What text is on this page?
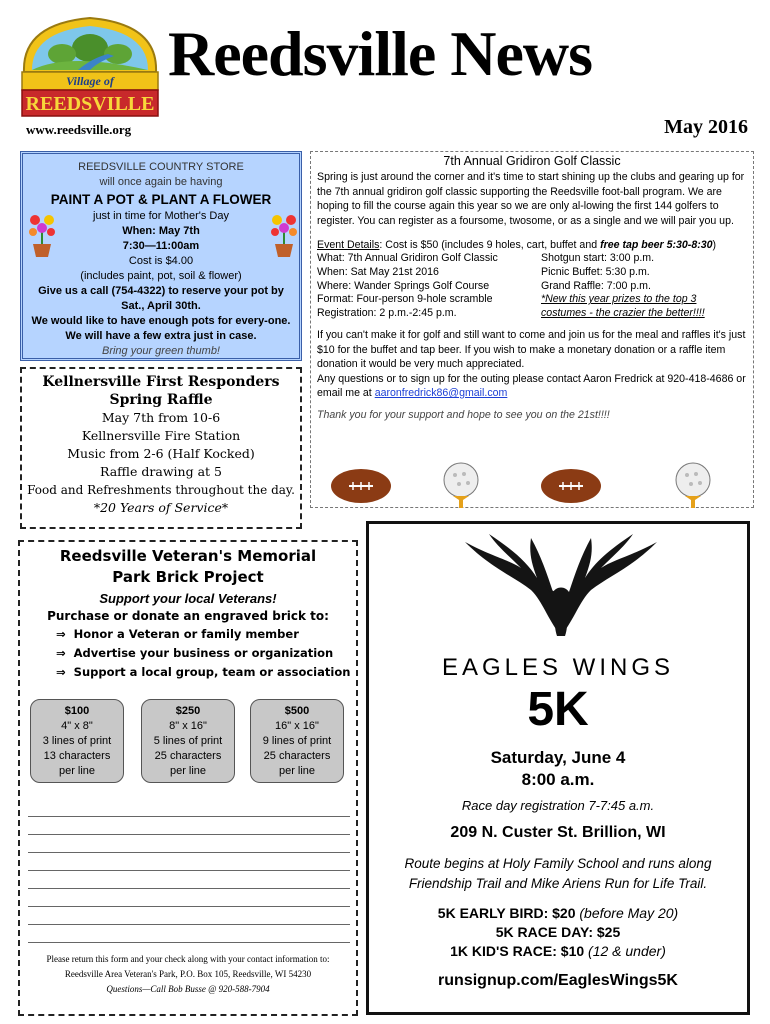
Village of
REEDSVILLE
Reedsville News
www.reedsville.org	May 2016
REEDSVILLE COUNTRY STORE
will once again be having
PAINT A POT & PLANT A FLOWER
just in time for Mother's Day
When: May 7th
7:30—11:00am
Cost is $4.00
(includes paint, pot, soil & flower)
Give us a call (754-4322) to reserve your pot by Sat., April 30th.
We would like to have enough pots for every-one. We will have a few extra just in case.
Bring your green thumb!
Kellnersville First Responders
Spring Raffle
May 7th from 10-6
Kellnersville Fire Station
Music from 2-6 (Half Kocked)
Raffle drawing at 5
Food and Refreshments throughout the day.
*20 Years of Service*
7th Annual Gridiron Golf Classic
Spring is just around the corner and it's time to start shining up the clubs and gearing up for the 7th annual gridiron golf classic supporting the Reedsville foot-ball program. We are hoping to fill the course again this year so we are only al-lowing the first 144 golfers to register. You can register as a foursome, twosome, or as a single and we will pair you up.
Event Details: Cost is $50 (includes 9 holes, cart, buffet and free tap beer 5:30-8:30)
What: 7th Annual Gridiron Golf Classic	Shotgun start: 3:00 p.m.
When: Sat May 21st 2016	Picnic Buffet: 5:30 p.m.
Where: Wander Springs Golf Course	Grand Raffle: 7:00 p.m.
Format: Four-person 9-hole scramble	*New this year prizes to the top 3
Registration: 2 p.m.-2:45 p.m.	costumes - the crazier the better!!!!
If you can't make it for golf and still want to come and join us for the meal and raffles it's just $10 for the buffet and tap beer. If you wish to make a monetary donation or a raffle item donation it would be very much appreciated.
Any questions or to sign up for the outing please contact Aaron Fredrick at 920-418-4686 or email me at aaronfredrick86@gmail.com
Thank you for your support and hope to see you on the 21st!!!!
Reedsville Veteran's Memorial
Park Brick Project
Support your local Veterans!
Purchase or donate an engraved brick to:
⇒  Honor a Veteran or family member
⇒  Advertise your business or organization
⇒  Support a local group, team or association
$100
4" x 8"
3 lines of print
13 characters
per line
$250
8" x 16"
5 lines of print
25 characters
per line
$500
16" x 16"
9 lines of print
25 characters
per line
Please return this form and your check along with your contact information to:
Reedsville Area Veteran's Park, P.O. Box 105, Reedsville, WI 54230
Questions—Call Bob Busse @ 920-588-7904
EAGLES WINGS
5K
Saturday, June 4
8:00 a.m.
Race day registration 7-7:45 a.m.
209 N. Custer St. Brillion, WI
Route begins at Holy Family School and runs along Friendship Trail and Mike Ariens Run for Life Trail.
5K EARLY BIRD: $20 (before May 20)
5K RACE DAY: $25
1K KID'S RACE: $10 (12 & under)
runsignup.com/EaglesWings5K
